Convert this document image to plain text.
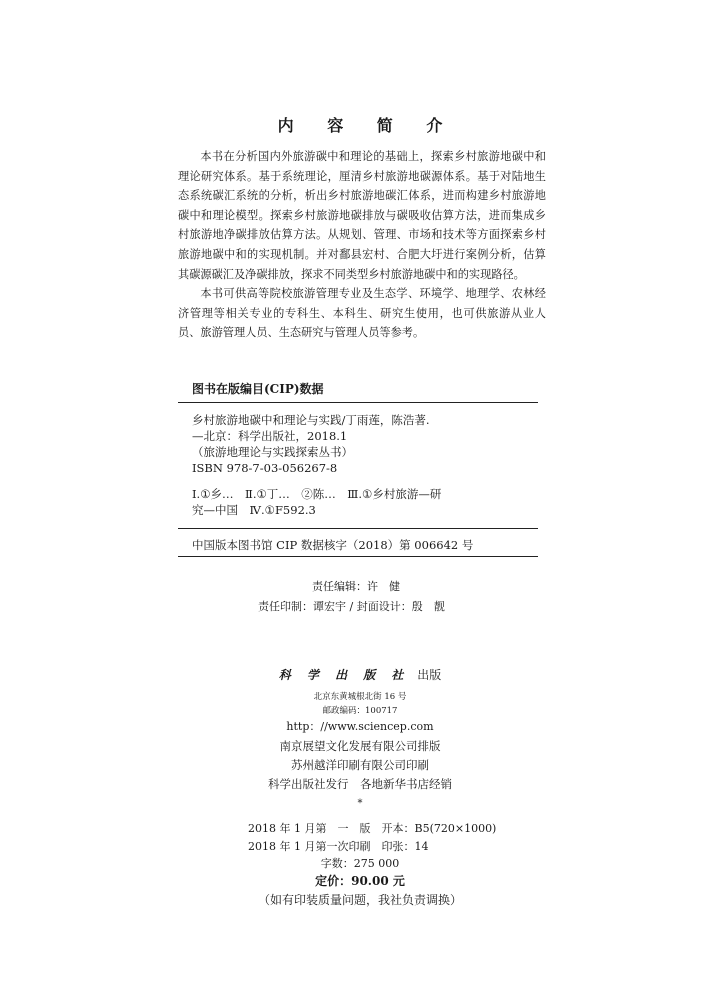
内 容 简 介

本书在分析国内外旅游碳中和理论的基础上，探索乡村旅游地碳中和理论研究体系。基于系统理论，厘清乡村旅游地碳源体系。基于对陆地生态系统碳汇系统的分析，析出乡村旅游地碳汇体系，进而构建乡村旅游地碳中和理论模型。探索乡村旅游地碳排放与碳吸收估算方法，进而集成乡村旅游地净碳排放估算方法。从规划、管理、市场和技术等方面探索乡村旅游地碳中和的实现机制。并对鄱县宏村、合肥大圩进行案例分析，估算其碳源碳汇及净碳排放，探求不同类型乡村旅游地碳中和的实现路径。

本书可供高等院校旅游管理专业及生态学、环境学、地理学、农林经济管理等相关专业的专科生、本科生、研究生使用，也可供旅游从业人员、旅游管理人员、生态研究与管理人员等参考。

图书在版编目(CIP)数据
乡村旅游地碳中和理论与实践/丁雨莲，陈浩著.
—北京：科学出版社，2018.1
（旅游地理论与实践探索丛书）
ISBN 978-7-03-056267-8
Ⅰ.①乡…　Ⅱ.①丁…　②陈…　Ⅲ.①乡村旅游—研
究—中国　Ⅳ.①F592.3
中国版本图书馆 CIP 数据核字（2018）第 006642 号
责任编辑：许　健
责任印制：谭宏宇 / 封面设计：殷　靓
科 学 出 版 社 出版
北京东黄城根北街 16 号
邮政编码：100717
http：//www.sciencep.com
南京展望文化发展有限公司排版
苏州越洋印刷有限公司印刷
科学出版社发行　各地新华书店经销
*
2018 年 1 月第　一　版　开本：B5(720×1000)
2018 年 1 月第一次印刷　印张：14
字数：275 000
定价：90.00 元
（如有印装质量问题，我社负责调换）
